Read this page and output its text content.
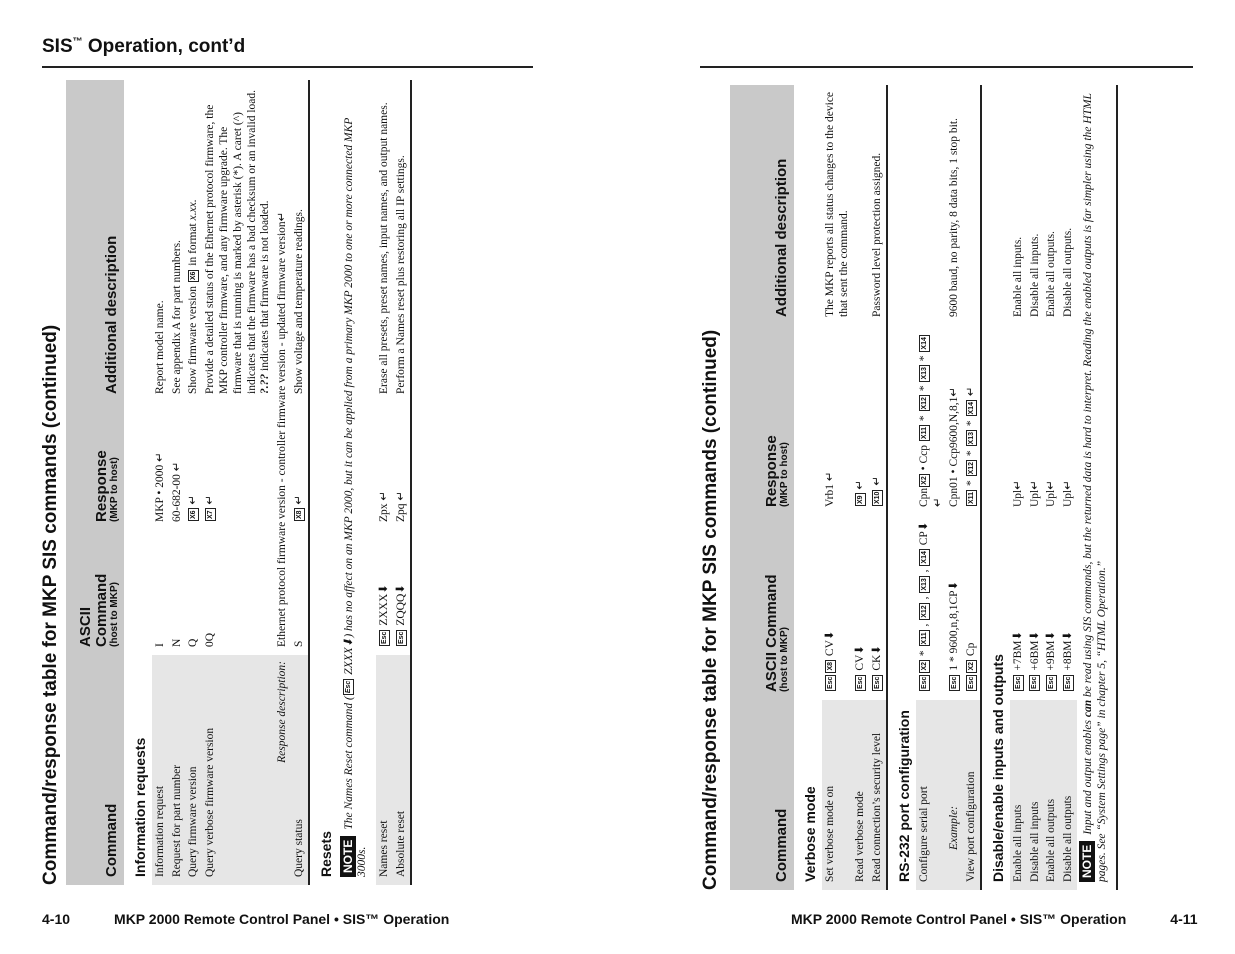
SIS™ Operation, cont’d
Command/response table for MKP SIS commands (continued)	Command	ASCII Command
(host to MKP)	Response
(MKP to host)	Additional description
Information requests			
Information request	I	MKP • 2000 ↵	Report model name.
Request for part number	N	60-682-00 ↵	See appendix A for part numbers.
Query firmware version	Q	X6 ↵	Show firmware version X6 in format x.xx.
Query verbose firmware version	0Q	X7 ↵	Provide a detailed status of the Ethernet protocol firmware, the MKP controller firmware, and any firmware upgrade. The firmware that is running is marked by asterisk (*). A caret (^) indicates that the firmware has a bad checksum or an invalid load. ?.?? indicates that firmware is not loaded.
Response description:	Ethernet protocol firmware version - controller firmware version - updated firmware version↵		
Query status	S	X8 ↵	Show voltage and temperature readings.
Resets			
NOTEThe Names Reset command (Esc ZXXX⬇) has no affect on an MKP 2000, but it can be applied from a primary MKP 2000 to one or more connected MKP 3000s.			
Names reset	Esc ZXXX⬇	Zpx ↵	Erase all presets, preset names, input names, and output names.
Absolute reset	Esc ZQQQ⬇	Zpq ↵	Perform a Names reset plus restoring all IP settings.
Command/response table for MKP SIS commands (continued)	Command	ASCII Command
(host to MKP)	Response
(MKP to host)	Additional description
Verbose mode			
Set verbose mode on	EscX8 CV⬇	Vrb1 ↵	The MKP reports all status changes to the device that sent the command.
Read verbose mode	Esc CV⬇	X9 ↵	
Read connection’s security level	Esc CK⬇	X10 ↵	Password level protection assigned.
RS-232 port configuration			
Configure serial port	EscX2 * X11 , X12 , X13 , X14 CP⬇	CpnX2 • Ccp X11 * X12 * X13 * X14 ↵	
Example:	Esc 1 * 9600,n,8,1CP⬇	Cpn01 • Ccp9600,N,8,1↵	9600 baud, no parity, 8 data bits, 1 stop bit.
View port configuration	EscX2 Cp	X11 * X12 * X13 * X14 ↵	
Disable/enable inputs and outputs			
Enable all inputs	Esc +7BM⬇	Upl↵	Enable all inputs.
Disable all inputs	Esc +6BM⬇	Upl↵	Disable all inputs.
Enable all outputs	Esc +9BM⬇	Upl↵	Enable all outputs.
Disable all outputs	Esc +8BM⬇	Upl↵	Disable all outputs.
NOTEInput and output enables can be read using SIS commands, but the returned data is hard to interpret. Reading the enabled outputs is far simpler using the HTML pages. See “System Settings page” in chapter 5, “HTML Operation.”			
4-10	MKP 2000 Remote Control Panel • SIS™ Operation	MKP 2000 Remote Control Panel • SIS™ Operation	4-11
